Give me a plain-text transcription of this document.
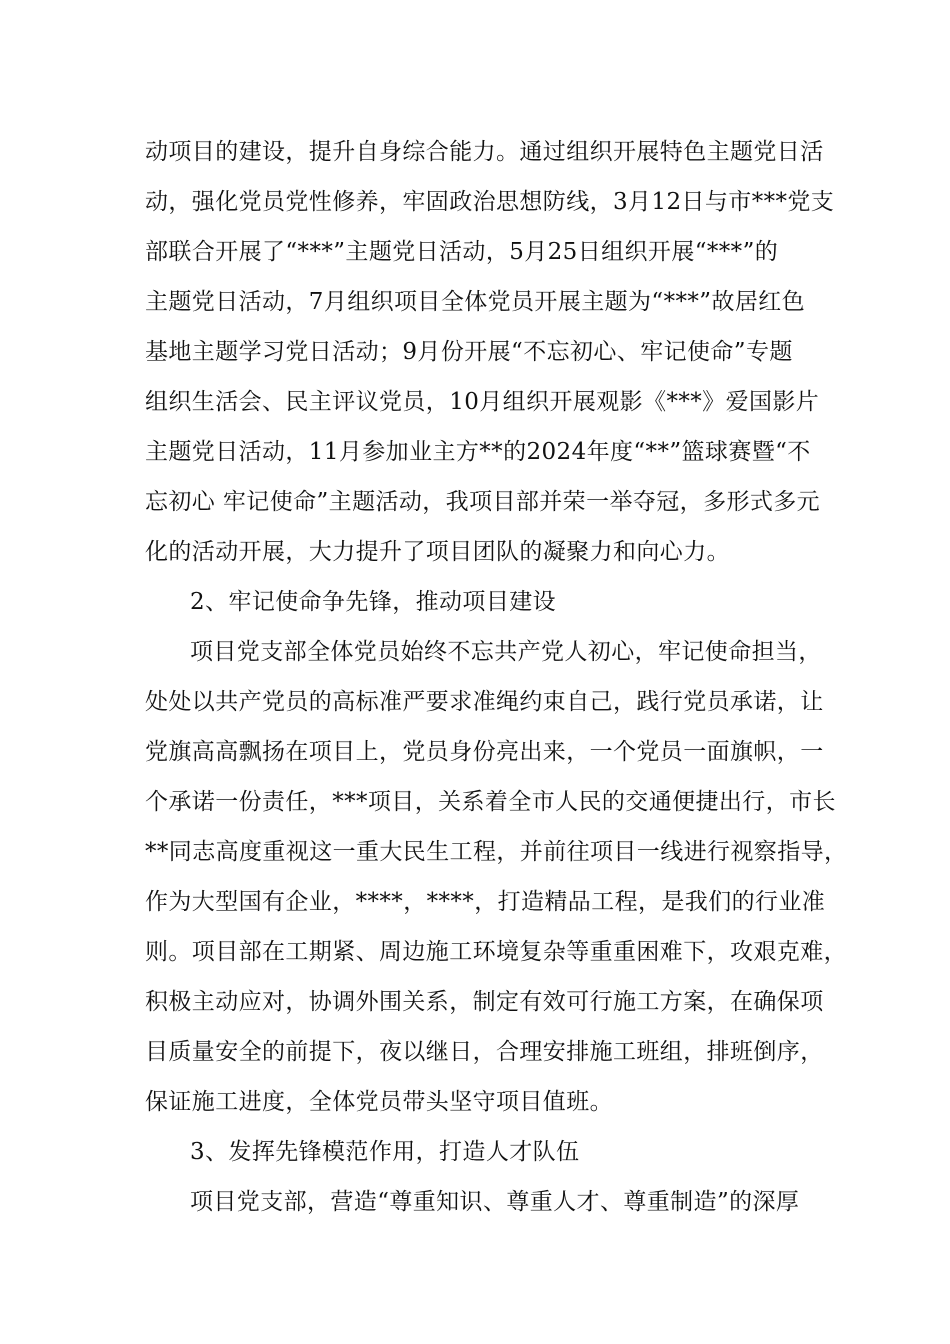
动项目的建设，提升自身综合能力。通过组织开展特色主题党日活
动，强化党员党性修养，牢固政治思想防线，3月12日与市***党支
部联合开展了“***”主题党日活动，5月25日组织开展“***”的
主题党日活动，7月组织项目全体党员开展主题为“***”故居红色
基地主题学习党日活动；9月份开展“不忘初心、牢记使命”专题
组织生活会、民主评议党员，10月组织开展观影《***》爱国影片
主题党日活动，11月参加业主方**的2024年度“**”篮球赛暨“不
忘初心 牢记使命”主题活动，我项目部并荣一举夺冠，多形式多元
化的活动开展，大力提升了项目团队的凝聚力和向心力。
2、牢记使命争先锋，推动项目建设
项目党支部全体党员始终不忘共产党人初心，牢记使命担当，
处处以共产党员的高标准严要求准绳约束自己，践行党员承诺，让
党旗高高飘扬在项目上，党员身份亮出来，一个党员一面旗帜，一
个承诺一份责任，***项目，关系着全市人民的交通便捷出行，市长
**同志高度重视这一重大民生工程，并前往项目一线进行视察指导，
作为大型国有企业，****，****，打造精品工程，是我们的行业准
则。项目部在工期紧、周边施工环境复杂等重重困难下，攻艰克难，
积极主动应对，协调外围关系，制定有效可行施工方案，在确保项
目质量安全的前提下，夜以继日，合理安排施工班组，排班倒序，
保证施工进度，全体党员带头坚守项目值班。
3、发挥先锋模范作用，打造人才队伍
项目党支部，营造“尊重知识、尊重人才、尊重制造”的深厚
